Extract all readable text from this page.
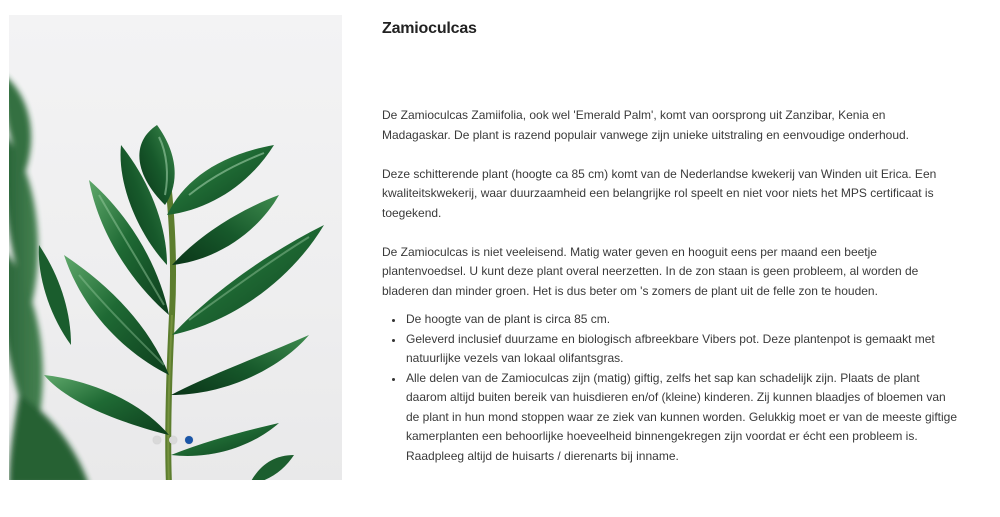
Zamioculcas

De Zamioculcas Zamiifolia, ook wel 'Emerald Palm', komt van oorsprong uit Zanzibar, Kenia en Madagaskar. De plant is razend populair vanwege zijn unieke uitstraling en eenvoudige onderhoud.

Deze schitterende plant (hoogte ca 85 cm) komt van de Nederlandse kwekerij van Winden uit Erica. Een kwaliteitskwekerij, waar duurzaamheid een belangrijke rol speelt en niet voor niets het MPS certificaat is toegekend.

De Zamioculcas is niet veeleisend. Matig water geven en hooguit eens per maand een beetje plantenvoedsel. U kunt deze plant overal neerzetten. In de zon staan is geen probleem, al worden de bladeren dan minder groen. Het is dus beter om 's zomers de plant uit de felle zon te houden.

• De hoogte van de plant is circa 85 cm.
• Geleverd inclusief duurzame en biologisch afbreekbare Vibers pot. Deze plantenpot is gemaakt met natuurlijke vezels van lokaal olifantsgras.
• Alle delen van de Zamioculcas zijn (matig) giftig, zelfs het sap kan schadelijk zijn. Plaats de plant daarom altijd buiten bereik van huisdieren en/of (kleine) kinderen. Zij kunnen blaadjes of bloemen van de plant in hun mond stoppen waar ze ziek van kunnen worden. Gelukkig moet er van de meeste giftige kamerplanten een behoorlijke hoeveelheid binnengekregen zijn voordat er écht een probleem is. Raadpleeg altijd de huisarts / dierenarts bij inname.
